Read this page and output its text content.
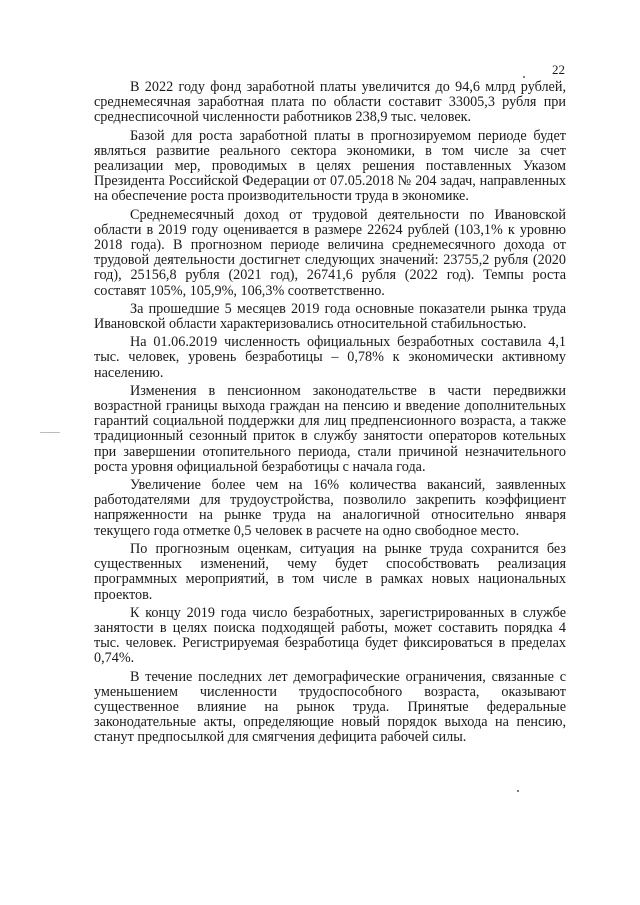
22

В 2022 году фонд заработной платы увеличится до 94,6 млрд рублей, среднемесячная заработная плата по области составит 33005,3 рубля при среднесписочной численности работников 238,9 тыс. человек.

Базой для роста заработной платы в прогнозируемом периоде будет являться развитие реального сектора экономики, в том числе за счет реализации мер, проводимых в целях решения поставленных Указом Президента Российской Федерации от 07.05.2018 № 204 задач, направленных на обеспечение роста производительности труда в экономике.

Среднемесячный доход от трудовой деятельности по Ивановской области в 2019 году оценивается в размере 22624 рублей (103,1% к уровню 2018 года). В прогнозном периоде величина среднемесячного дохода от трудовой деятельности достигнет следующих значений: 23755,2 рубля (2020 год), 25156,8 рубля (2021 год), 26741,6 рубля (2022 год). Темпы роста составят 105%, 105,9%, 106,3% соответственно.

За прошедшие 5 месяцев 2019 года основные показатели рынка труда Ивановской области характеризовались относительной стабильностью.

На 01.06.2019 численность официальных безработных составила 4,1 тыс. человек, уровень безработицы – 0,78% к экономически активному населению.

Изменения в пенсионном законодательстве в части передвижки возрастной границы выхода граждан на пенсию и введение дополнительных гарантий социальной поддержки для лиц предпенсионного возраста, а также традиционный сезонный приток в службу занятости операторов котельных при завершении отопительного периода, стали причиной незначительного роста уровня официальной безработицы с начала года.

Увеличение более чем на 16% количества вакансий, заявленных работодателями для трудоустройства, позволило закрепить коэффициент напряженности на рынке труда на аналогичной относительно января текущего года отметке 0,5 человек в расчете на одно свободное место.

По прогнозным оценкам, ситуация на рынке труда сохранится без существенных изменений, чему будет способствовать реализация программных мероприятий, в том числе в рамках новых национальных проектов.

К концу 2019 года число безработных, зарегистрированных в службе занятости в целях поиска подходящей работы, может составить порядка 4 тыс. человек. Регистрируемая безработица будет фиксироваться в пределах 0,74%.

В течение последних лет демографические ограничения, связанные с уменьшением численности трудоспособного возраста, оказывают существенное влияние на рынок труда. Принятые федеральные законодательные акты, определяющие новый порядок выхода на пенсию, станут предпосылкой для смягчения дефицита рабочей силы.
